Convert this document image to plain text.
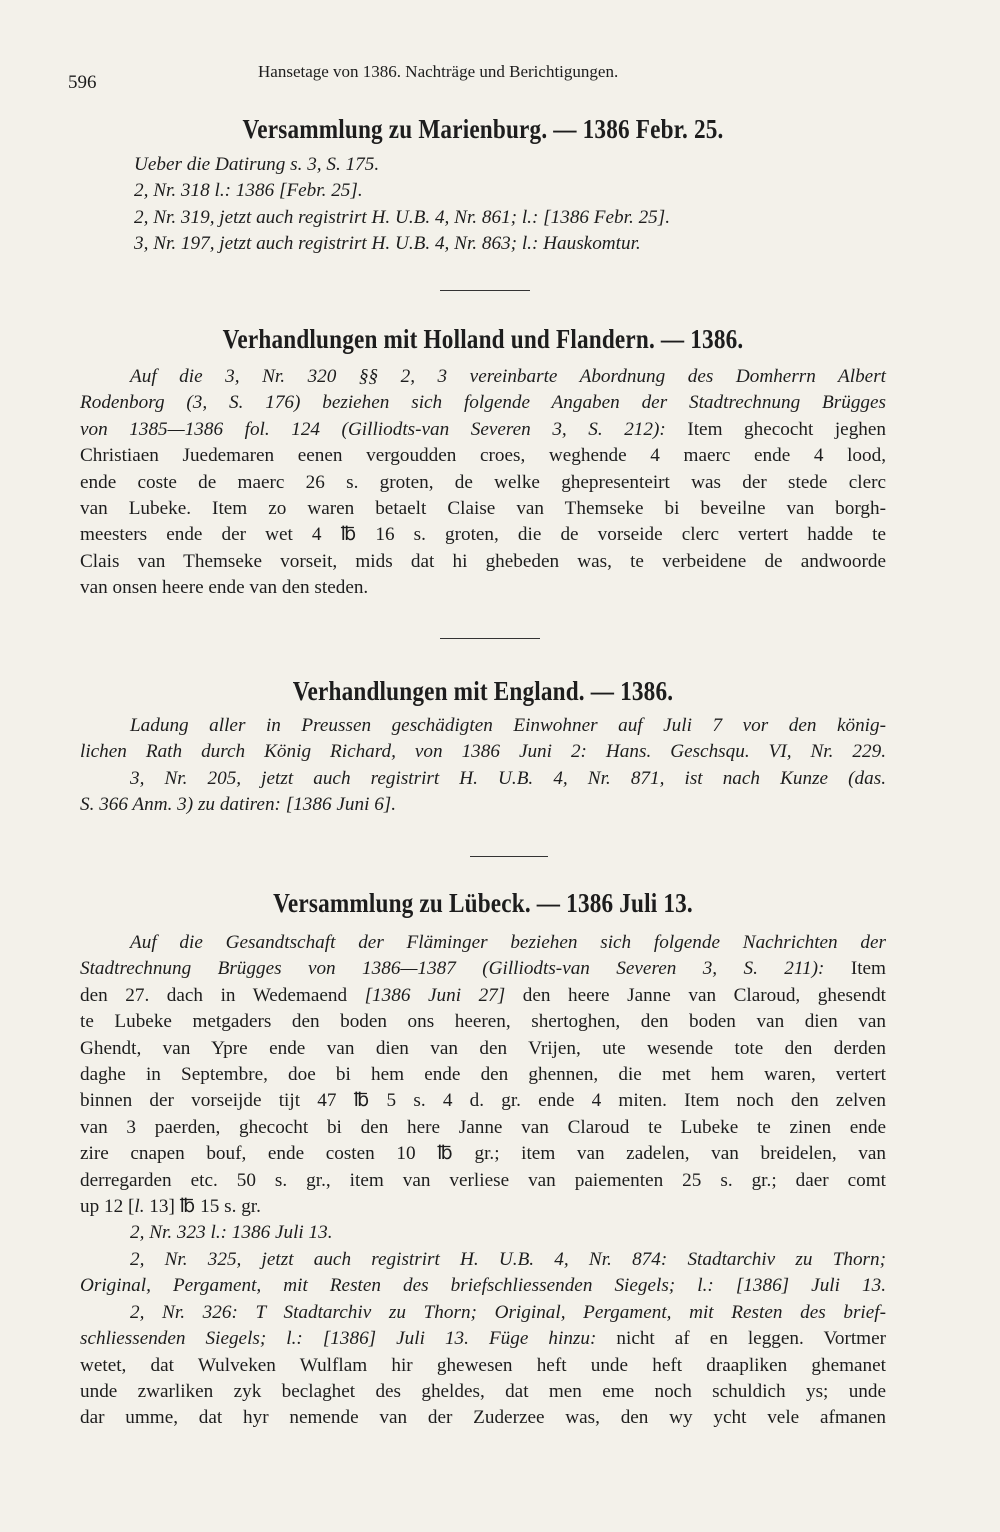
596
Hansetage von 1386. Nachträge und Berichtigungen.
Versammlung zu Marienburg. — 1386 Febr. 25.
Ueber die Datirung s. 3, S. 175.
2, Nr. 318 l.: 1386 [Febr. 25].
2, Nr. 319, jetzt auch registrirt H. U.B. 4, Nr. 861; l.: [1386 Febr. 25].
3, Nr. 197, jetzt auch registrirt H. U.B. 4, Nr. 863; l.: Hauskomtur.
Verhandlungen mit Holland und Flandern. — 1386.
Auf die 3, Nr. 320 §§ 2, 3 vereinbarte Abordnung des Domherrn Albert
Rodenborg (3, S. 176) beziehen sich folgende Angaben der Stadtrechnung Brügges
von 1385—1386 fol. 124 (Gilliodts-van Severen 3, S. 212): Item ghecocht jeghen
Christiaen Juedemaren eenen vergoudden croes, weghende 4 maerc ende 4 lood,
ende coste de maerc 26 s. groten, de welke ghepresenteirt was der stede clerc
van Lubeke. Item zo waren betaelt Claise van Themseke bi beveilne van borgh-
meesters ende der wet 4 ℔ 16 s. groten, die de vorseide clerc vertert hadde te
Clais van Themseke vorseit, mids dat hi ghebeden was, te verbeidene de andwoorde
van onsen heere ende van den steden.
Verhandlungen mit England. — 1386.
Ladung aller in Preussen geschädigten Einwohner auf Juli 7 vor den könig-
lichen Rath durch König Richard, von 1386 Juni 2: Hans. Geschsqu. VI, Nr. 229.
3, Nr. 205, jetzt auch registrirt H. U.B. 4, Nr. 871, ist nach Kunze (das.
S. 366 Anm. 3) zu datiren: [1386 Juni 6].
Versammlung zu Lübeck. — 1386 Juli 13.
Auf die Gesandtschaft der Fläminger beziehen sich folgende Nachrichten der
Stadtrechnung Brügges von 1386—1387 (Gilliodts-van Severen 3, S. 211): Item
den 27. dach in Wedemaend [1386 Juni 27] den heere Janne van Claroud, ghesendt
te Lubeke metgaders den boden ons heeren, shertoghen, den boden van dien van
Ghendt, van Ypre ende van dien van den Vrijen, ute wesende tote den derden
daghe in Septembre, doe bi hem ende den ghennen, die met hem waren, vertert
binnen der vorseijde tijt 47 ℔ 5 s. 4 d. gr. ende 4 miten. Item noch den zelven
van 3 paerden, ghecocht bi den here Janne van Claroud te Lubeke te zinen ende
zire cnapen bouf, ende costen 10 ℔ gr.; item van zadelen, van breidelen, van
derregarden etc. 50 s. gr., item van verliese van paiementen 25 s. gr.; daer comt
up 12 [l. 13] ℔ 15 s. gr.
2, Nr. 323 l.: 1386 Juli 13.
2, Nr. 325, jetzt auch registrirt H. U.B. 4, Nr. 874: Stadtarchiv zu Thorn;
Original, Pergament, mit Resten des briefschliessenden Siegels; l.: [1386] Juli 13.
2, Nr. 326: T Stadtarchiv zu Thorn; Original, Pergament, mit Resten des brief-
schliessenden Siegels; l.: [1386] Juli 13. Füge hinzu: nicht af en leggen. Vortmer
wetet, dat Wulveken Wulflam hir ghewesen heft unde heft draapliken ghemanet
unde zwarliken zyk beclaghet des gheldes, dat men eme noch schuldich ys; unde
dar umme, dat hyr nemende van der Zuderzee was, den wy ycht vele afmanen
